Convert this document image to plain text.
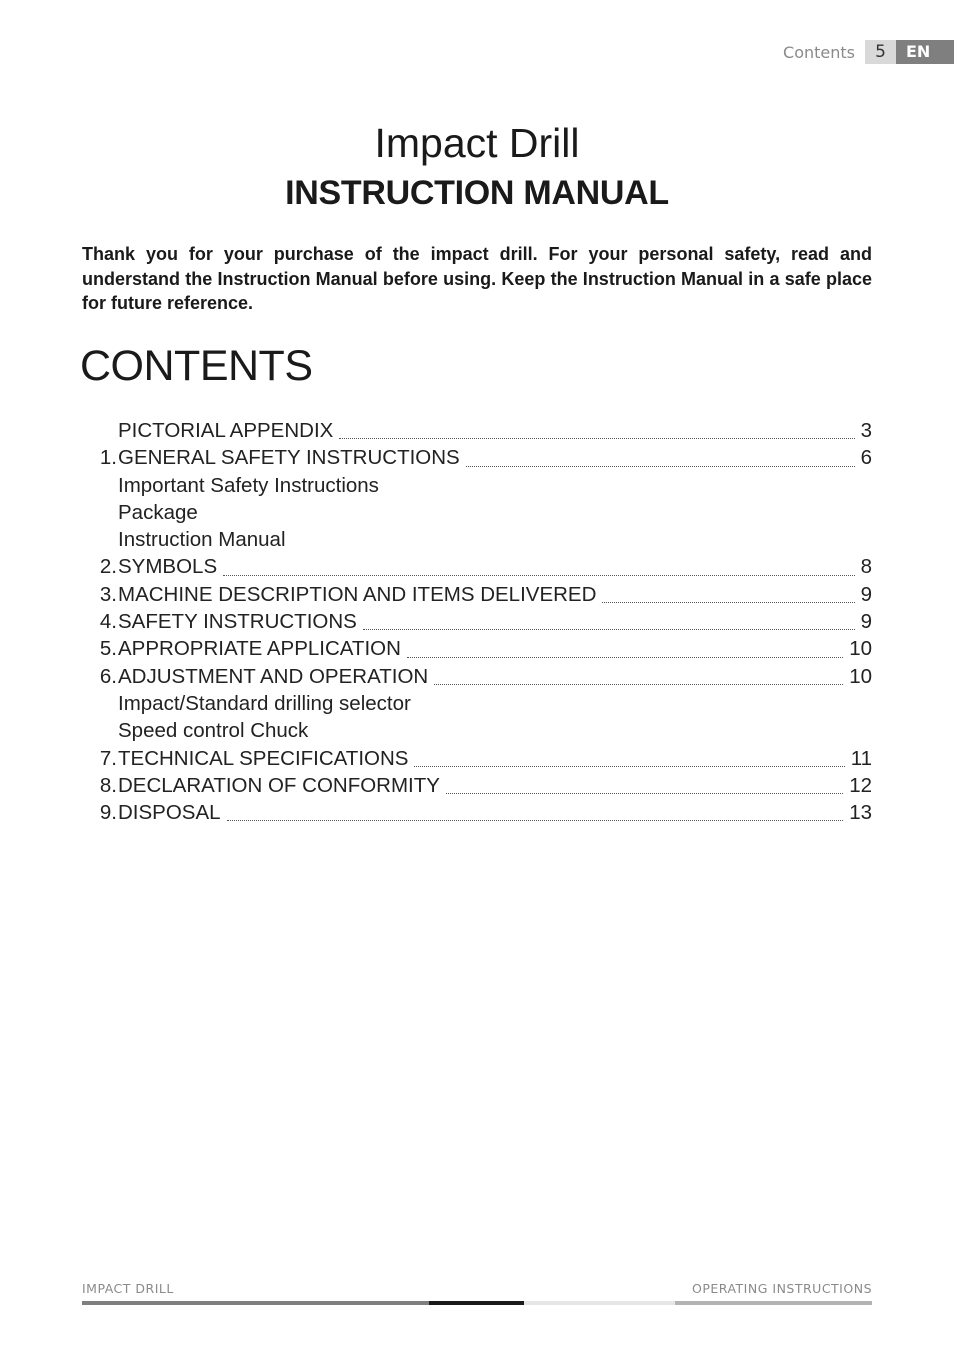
Contents	5	EN
Impact Drill
INSTRUCTION MANUAL
Thank you for your purchase of the impact drill. For your personal safety, read and understand the Instruction Manual before using. Keep the Instruction Manual in a safe place for future reference.
CONTENTS
PICTORIAL APPENDIX	3
1. GENERAL SAFETY INSTRUCTIONS	6
Important Safety Instructions
Package
Instruction Manual
2. SYMBOLS	8
3. MACHINE DESCRIPTION AND ITEMS DELIVERED	9
4. SAFETY INSTRUCTIONS	9
5. APPROPRIATE APPLICATION	10
6. ADJUSTMENT AND OPERATION	10
Impact/Standard drilling selector
Speed control Chuck
7. TECHNICAL SPECIFICATIONS	11
8. DECLARATION OF CONFORMITY	12
9. DISPOSAL	13
IMPACT DRILL	OPERATING INSTRUCTIONS
